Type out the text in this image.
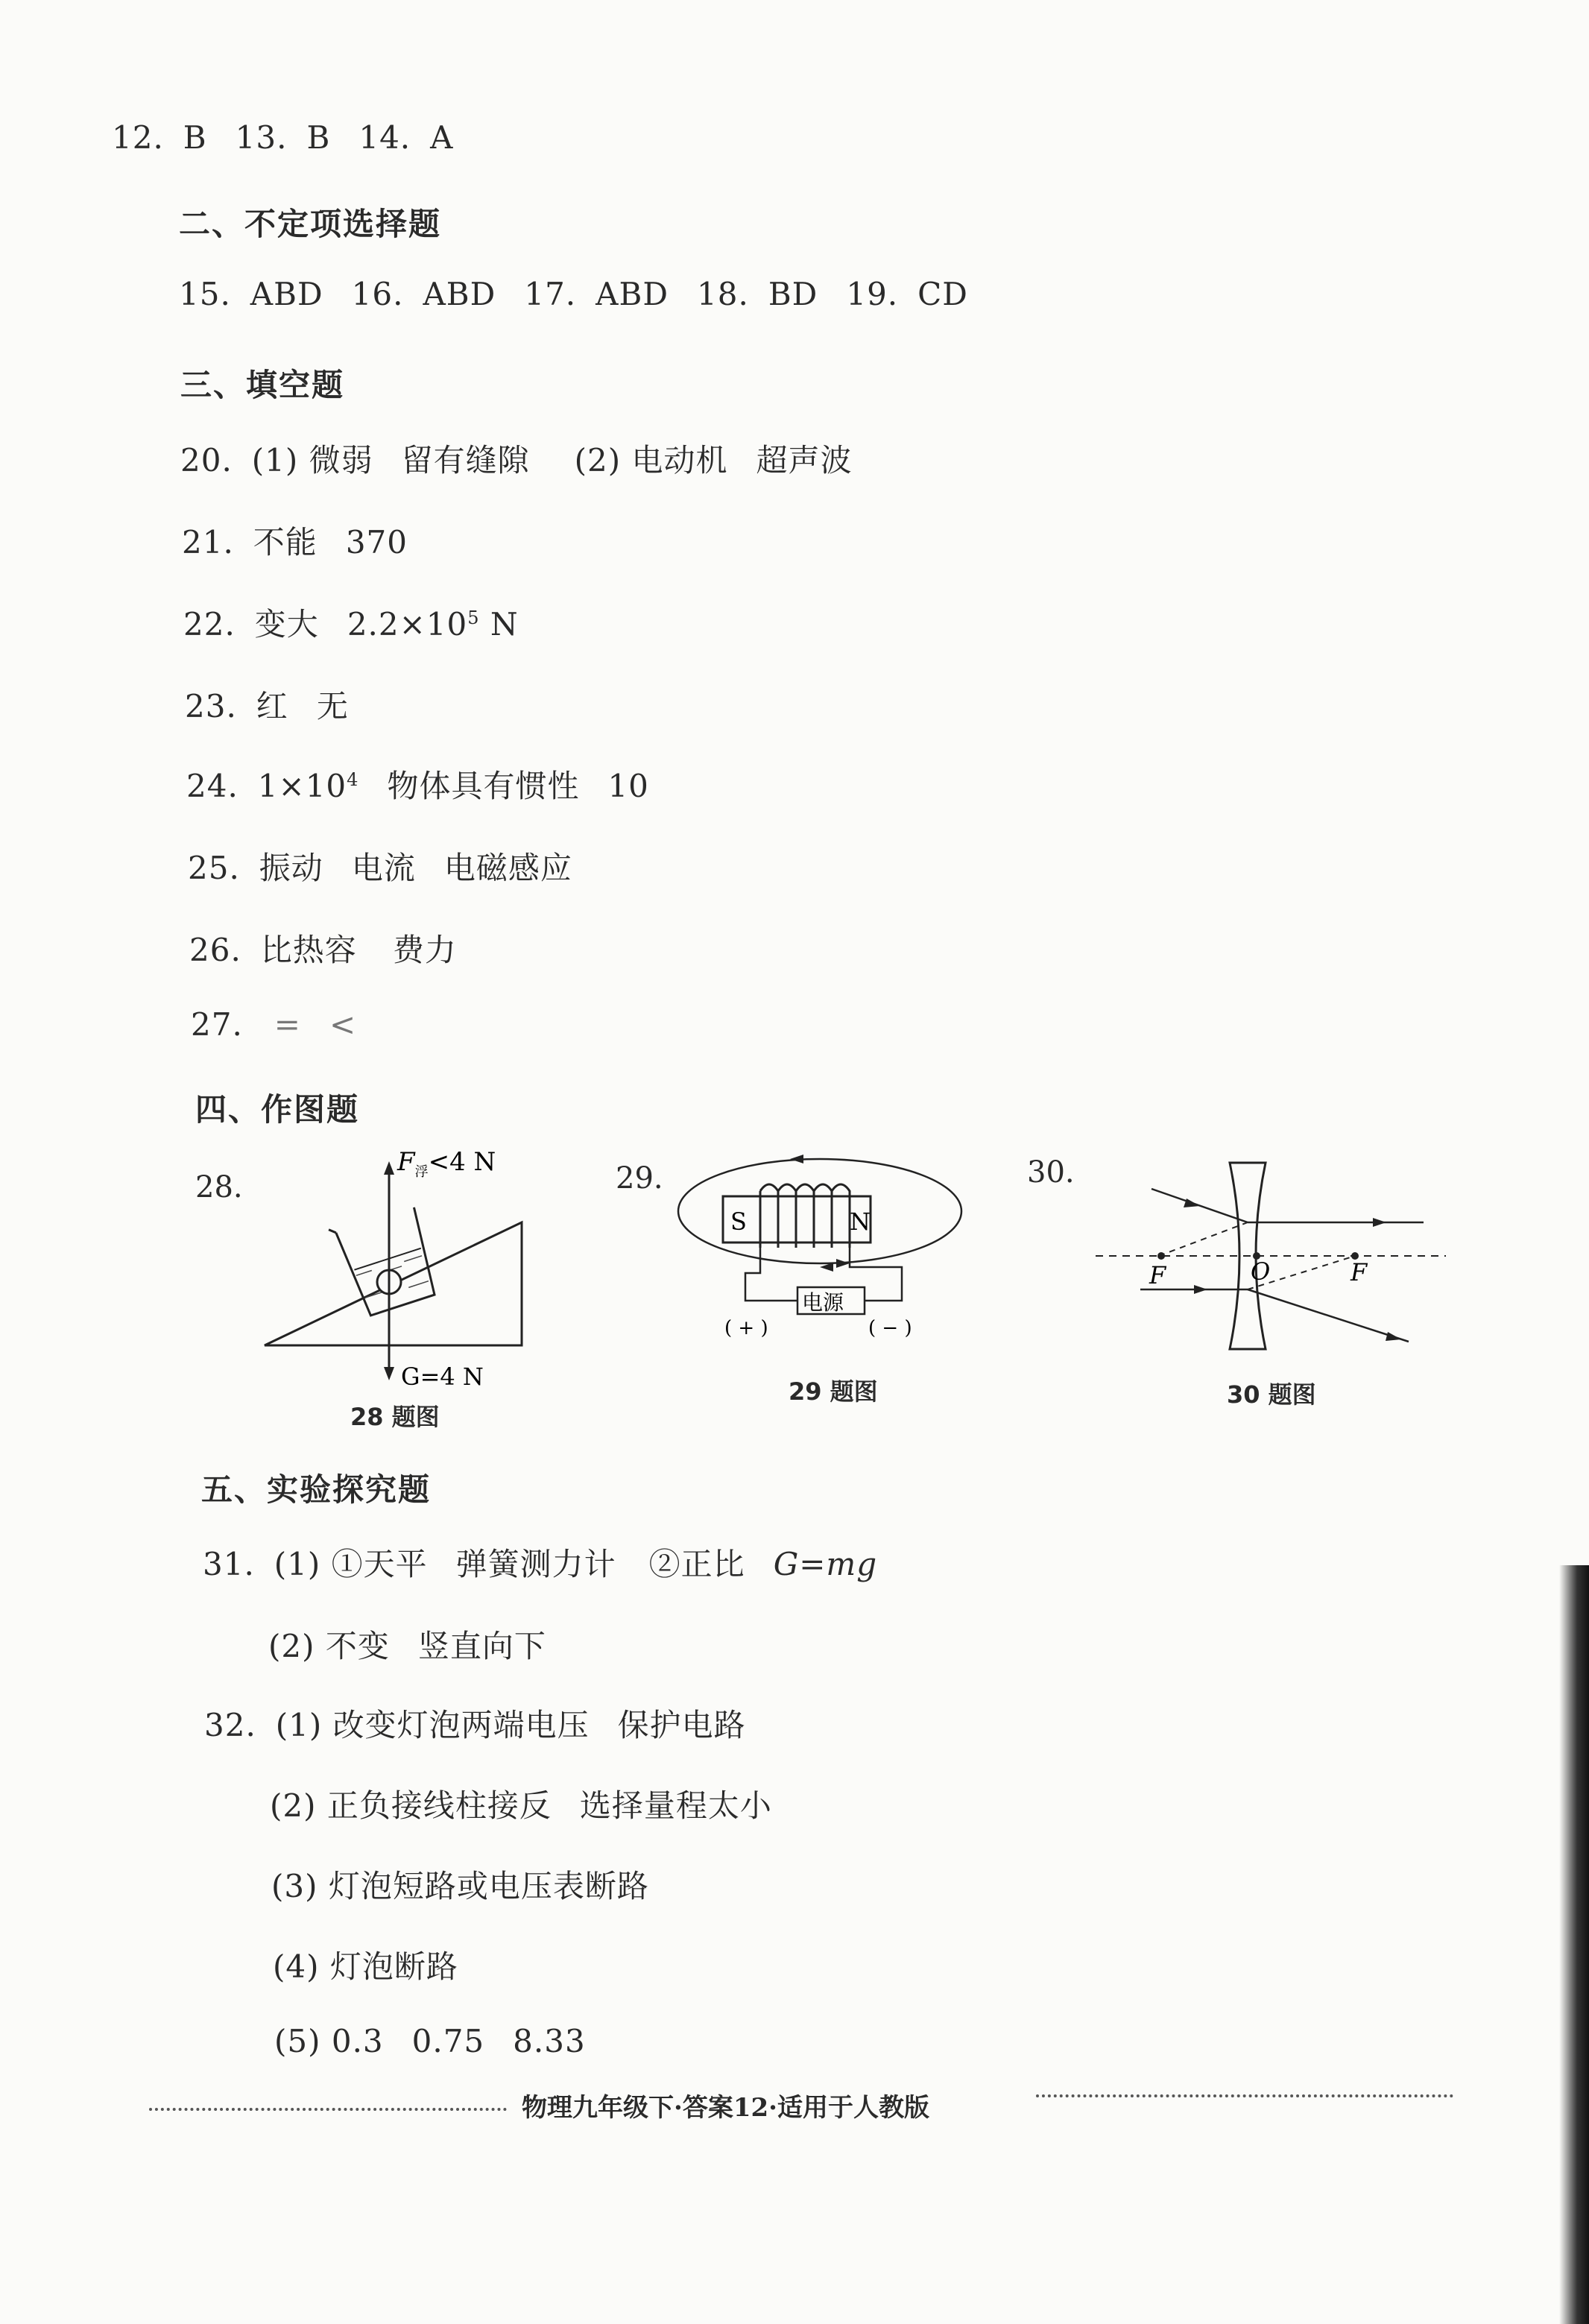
12. B 13. B 14. A
二、不定项选择题
15. ABD 16. ABD 17. ABD 18. BD 19. CD
三、填空题
20. (1) 微弱 留有缝隙 (2) 电动机 超声波
21. 不能 370
22. 变大 $2.2\times 10^5$ N
23. 红 无
24. $1\times 10^4$ 物体具有惯性 10
25. 振动 电流 电磁感应
26. 比热容 费力
27. = <
四、作图题
28.
$F_浮<4$ N
G=4 N
28 题图
29.
S	N
电源
( + )	( − )
29 题图
30.
F	O	F
30 题图
五、实验探究题
31. (1) ①天平 弹簧测力计 ②正比 G=mg
(2) 不变 竖直向下
32. (1) 改变灯泡两端电压 保护电路
(2) 正负接线柱接反 选择量程太小
(3) 灯泡短路或电压表断路
(4) 灯泡断路
(5) 0.3 0.75 8.33
物理九年级下·答案12·适用于人教版
